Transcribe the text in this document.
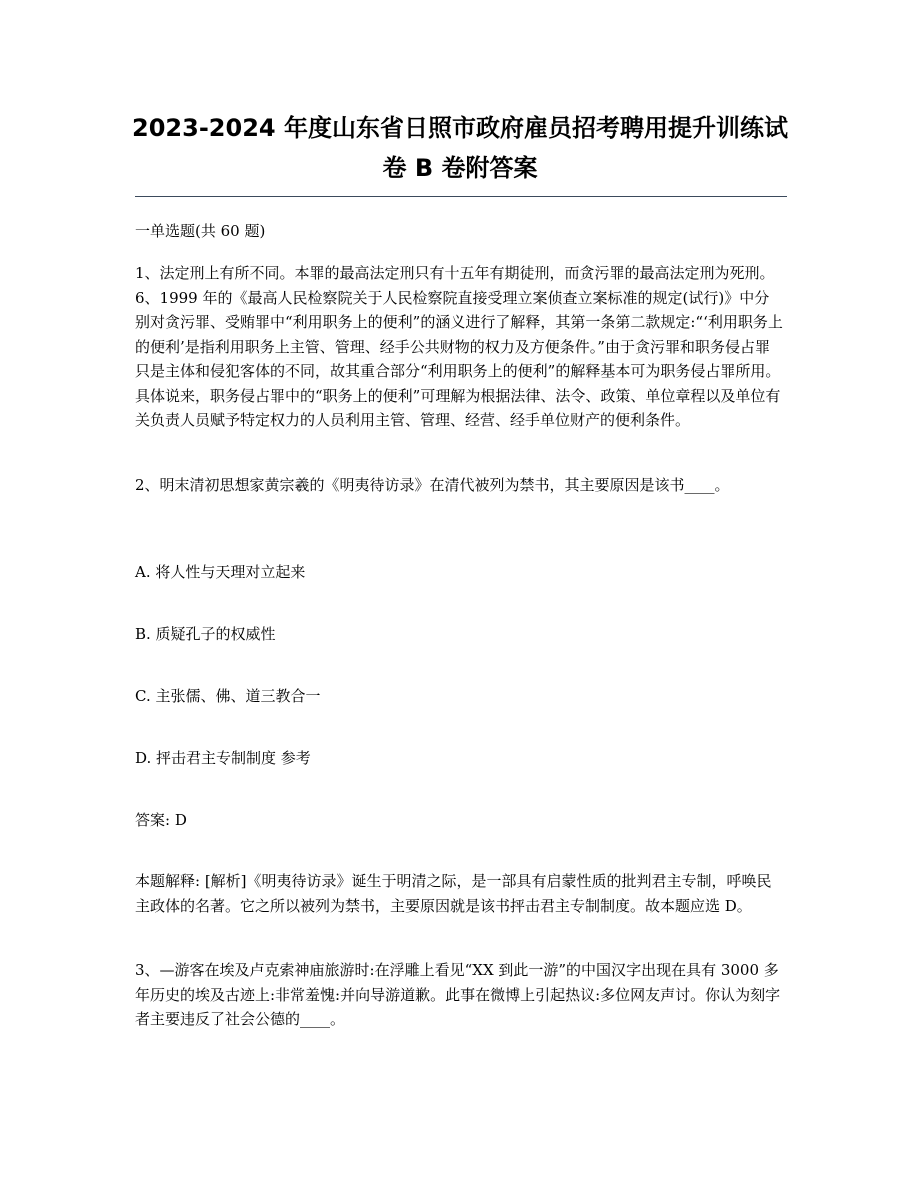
2023-2024 年度山东省日照市政府雇员招考聘用提升训练试
卷 B 卷附答案

一单选题(共 60 题)

1、法定刑上有所不同。本罪的最高法定刑只有十五年有期徒刑，而贪污罪的最高法定刑为死刑。 6、1999 年的《最高人民检察院关于人民检察院直接受理立案侦查立案标准的规定(试行)》中分别对贪污罪、受贿罪中“利用职务上的便利”的涵义进行了解释，其第一条第二款规定:“‘利用职务上的便利’是指利用职务上主管、管理、经手公共财物的权力及方便条件。”由于贪污罪和职务侵占罪只是主体和侵犯客体的不同，故其重合部分“利用职务上的便利”的解释基本可为职务侵占罪所用。具体说来，职务侵占罪中的“职务上的便利”可理解为根据法律、法令、政策、单位章程以及单位有关负责人员赋予特定权力的人员利用主管、管理、经营、经手单位财产的便利条件。

2、明末清初思想家黄宗羲的《明夷待访录》在清代被列为禁书，其主要原因是该书____。

A. 将人性与天理对立起来

B. 质疑孔子的权威性

C. 主张儒、佛、道三教合一

D. 抨击君主专制制度 参考

答案: D

本题解释: [解析]《明夷待访录》诞生于明清之际，是一部具有启蒙性质的批判君主专制，呼唤民主政体的名著。它之所以被列为禁书，主要原因就是该书抨击君主专制制度。故本题应选 D。

3、—游客在埃及卢克索神庙旅游时:在浮雕上看见“XX 到此一游”的中国汉字出现在具有 3000 多年历史的埃及古迹上:非常羞愧:并向导游道歉。此事在微博上引起热议:多位网友声讨。你认为刻字者主要违反了社会公德的____。
